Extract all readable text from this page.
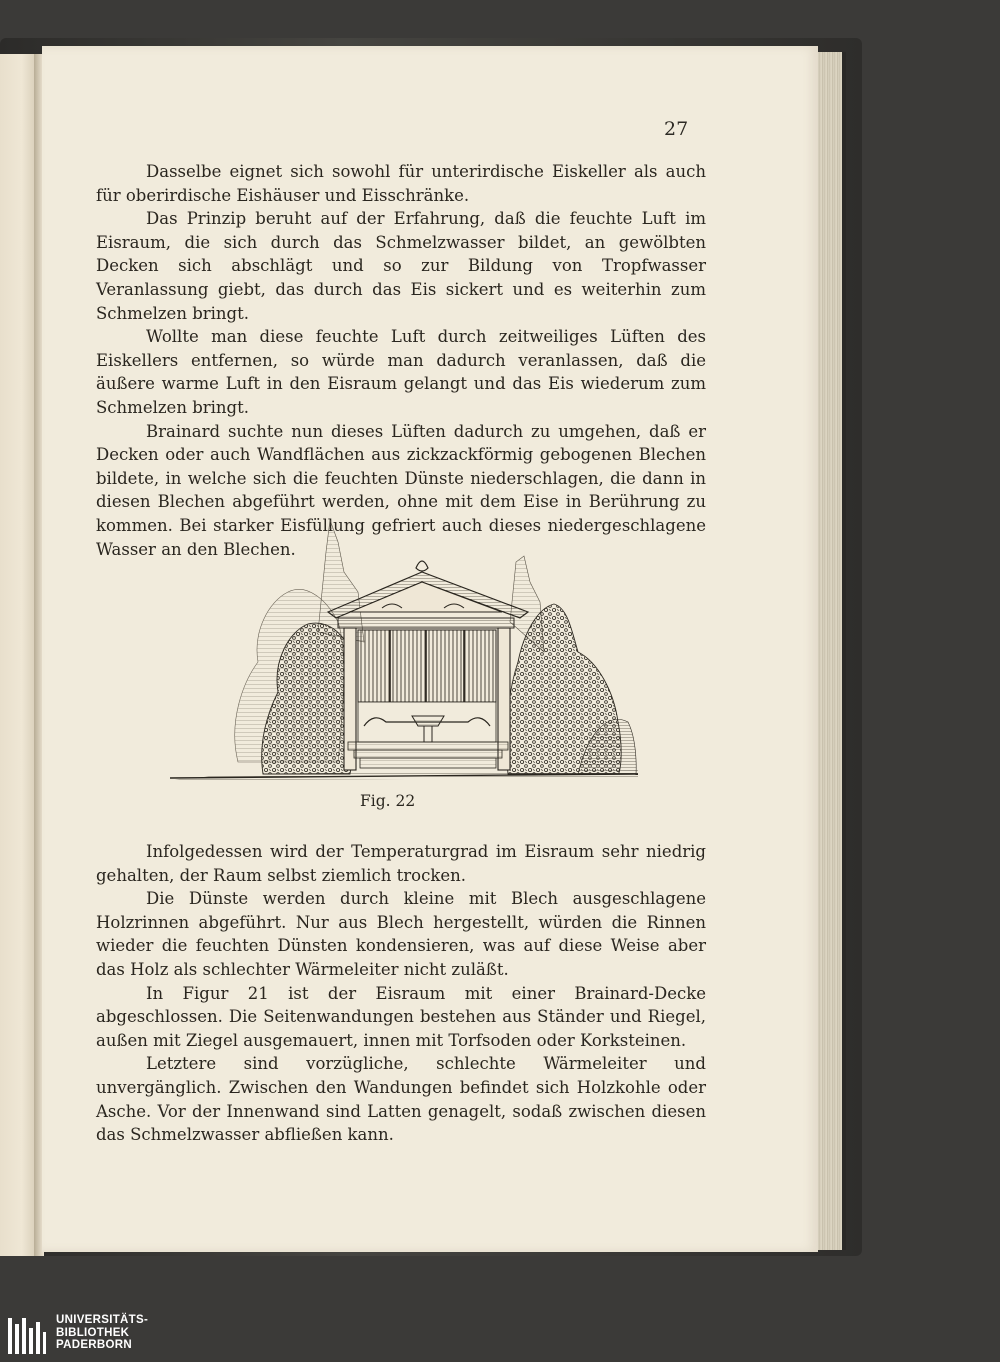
27

Dasselbe eignet sich sowohl für unterirdische Eiskeller als auch für oberirdische Eishäuser und Eisschränke.

Das Prinzip beruht auf der Erfahrung, daß die feuchte Luft im Eisraum, die sich durch das Schmelzwasser bildet, an gewölbten Decken sich abschlägt und so zur Bildung von Tropfwasser Veranlassung giebt, das durch das Eis sickert und es weiterhin zum Schmelzen bringt.

Wollte man diese feuchte Luft durch zeitweiliges Lüften des Eiskellers entfernen, so würde man dadurch veranlassen, daß die äußere warme Luft in den Eisraum gelangt und das Eis wiederum zum Schmelzen bringt.

Brainard suchte nun dieses Lüften dadurch zu umgehen, daß er Decken oder auch Wandflächen aus zickzackförmig gebogenen Blechen bildete, in welche sich die feuchten Dünste niederschlagen, die dann in diesen Blechen abgeführt werden, ohne mit dem Eise in Berührung zu kommen. Bei starker Eisfüllung gefriert auch dieses niedergeschlagene Wasser an den Blechen.

Fig. 22

Infolgedessen wird der Temperaturgrad im Eisraum sehr niedrig gehalten, der Raum selbst ziemlich trocken.

Die Dünste werden durch kleine mit Blech ausgeschlagene Holzrinnen abgeführt. Nur aus Blech hergestellt, würden die Rinnen wieder die feuchten Dünsten kondensieren, was auf diese Weise aber das Holz als schlechter Wärmeleiter nicht zuläßt.

In Figur 21 ist der Eisraum mit einer Brainard-Decke abgeschlossen. Die Seitenwandungen bestehen aus Ständer und Riegel, außen mit Ziegel ausgemauert, innen mit Torfsoden oder Korksteinen.

Letztere sind vorzügliche, schlechte Wärmeleiter und unvergänglich. Zwischen den Wandungen befindet sich Holzkohle oder Asche. Vor der Innenwand sind Latten genagelt, sodaß zwischen diesen das Schmelzwasser abfließen kann.

UNIVERSITÄTS-
BIBLIOTHEK
PADERBORN
